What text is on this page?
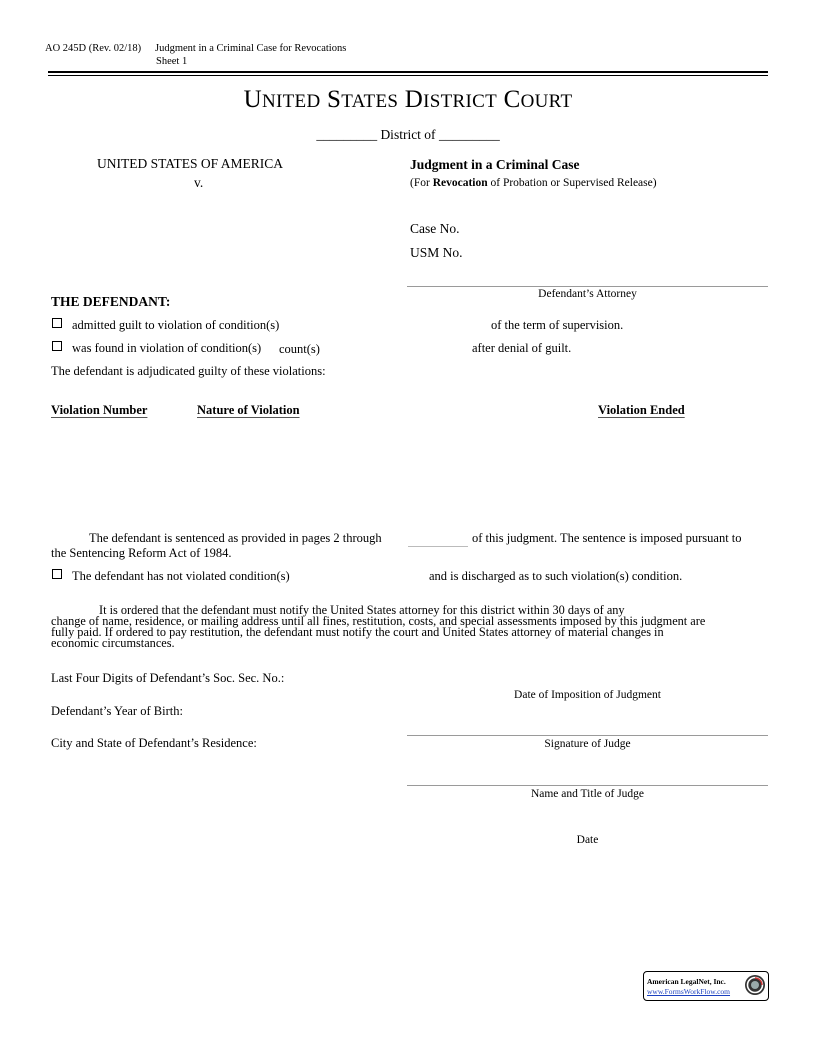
AO 245D (Rev. 02/18) Judgment in a Criminal Case for Revocations
Sheet 1
UNITED STATES DISTRICT COURT
_________ District of _________
UNITED STATES OF AMERICA
v.
Judgment in a Criminal Case
(For Revocation of Probation or Supervised Release)
Case No.
USM No.
Defendant’s Attorney
THE DEFENDANT:
admitted guilt to violation of condition(s)	of the term of supervision.
was found in violation of condition(s) count(s)	after denial of guilt.
The defendant is adjudicated guilty of these violations:
Violation Number	Nature of Violation	Violation Ended
The defendant is sentenced as provided in pages 2 through	of this judgment. The sentence is imposed pursuant to
the Sentencing Reform Act of 1984.
The defendant has not violated condition(s)	and is discharged as to such violation(s) condition.
It is ordered that the defendant must notify the United States attorney for this district within 30 days of any
change of name, residence, or mailing address until all fines, restitution, costs, and special assessments imposed by this judgment are
fully paid. If ordered to pay restitution, the defendant must notify the court and United States attorney of material changes in
economic circumstances.
Last Four Digits of Defendant’s Soc. Sec. No.:
Defendant’s Year of Birth:
City and State of Defendant’s Residence:
Date of Imposition of Judgment
Signature of Judge
Name and Title of Judge
Date
American LegalNet, Inc.
www.FormsWorkFlow.com
